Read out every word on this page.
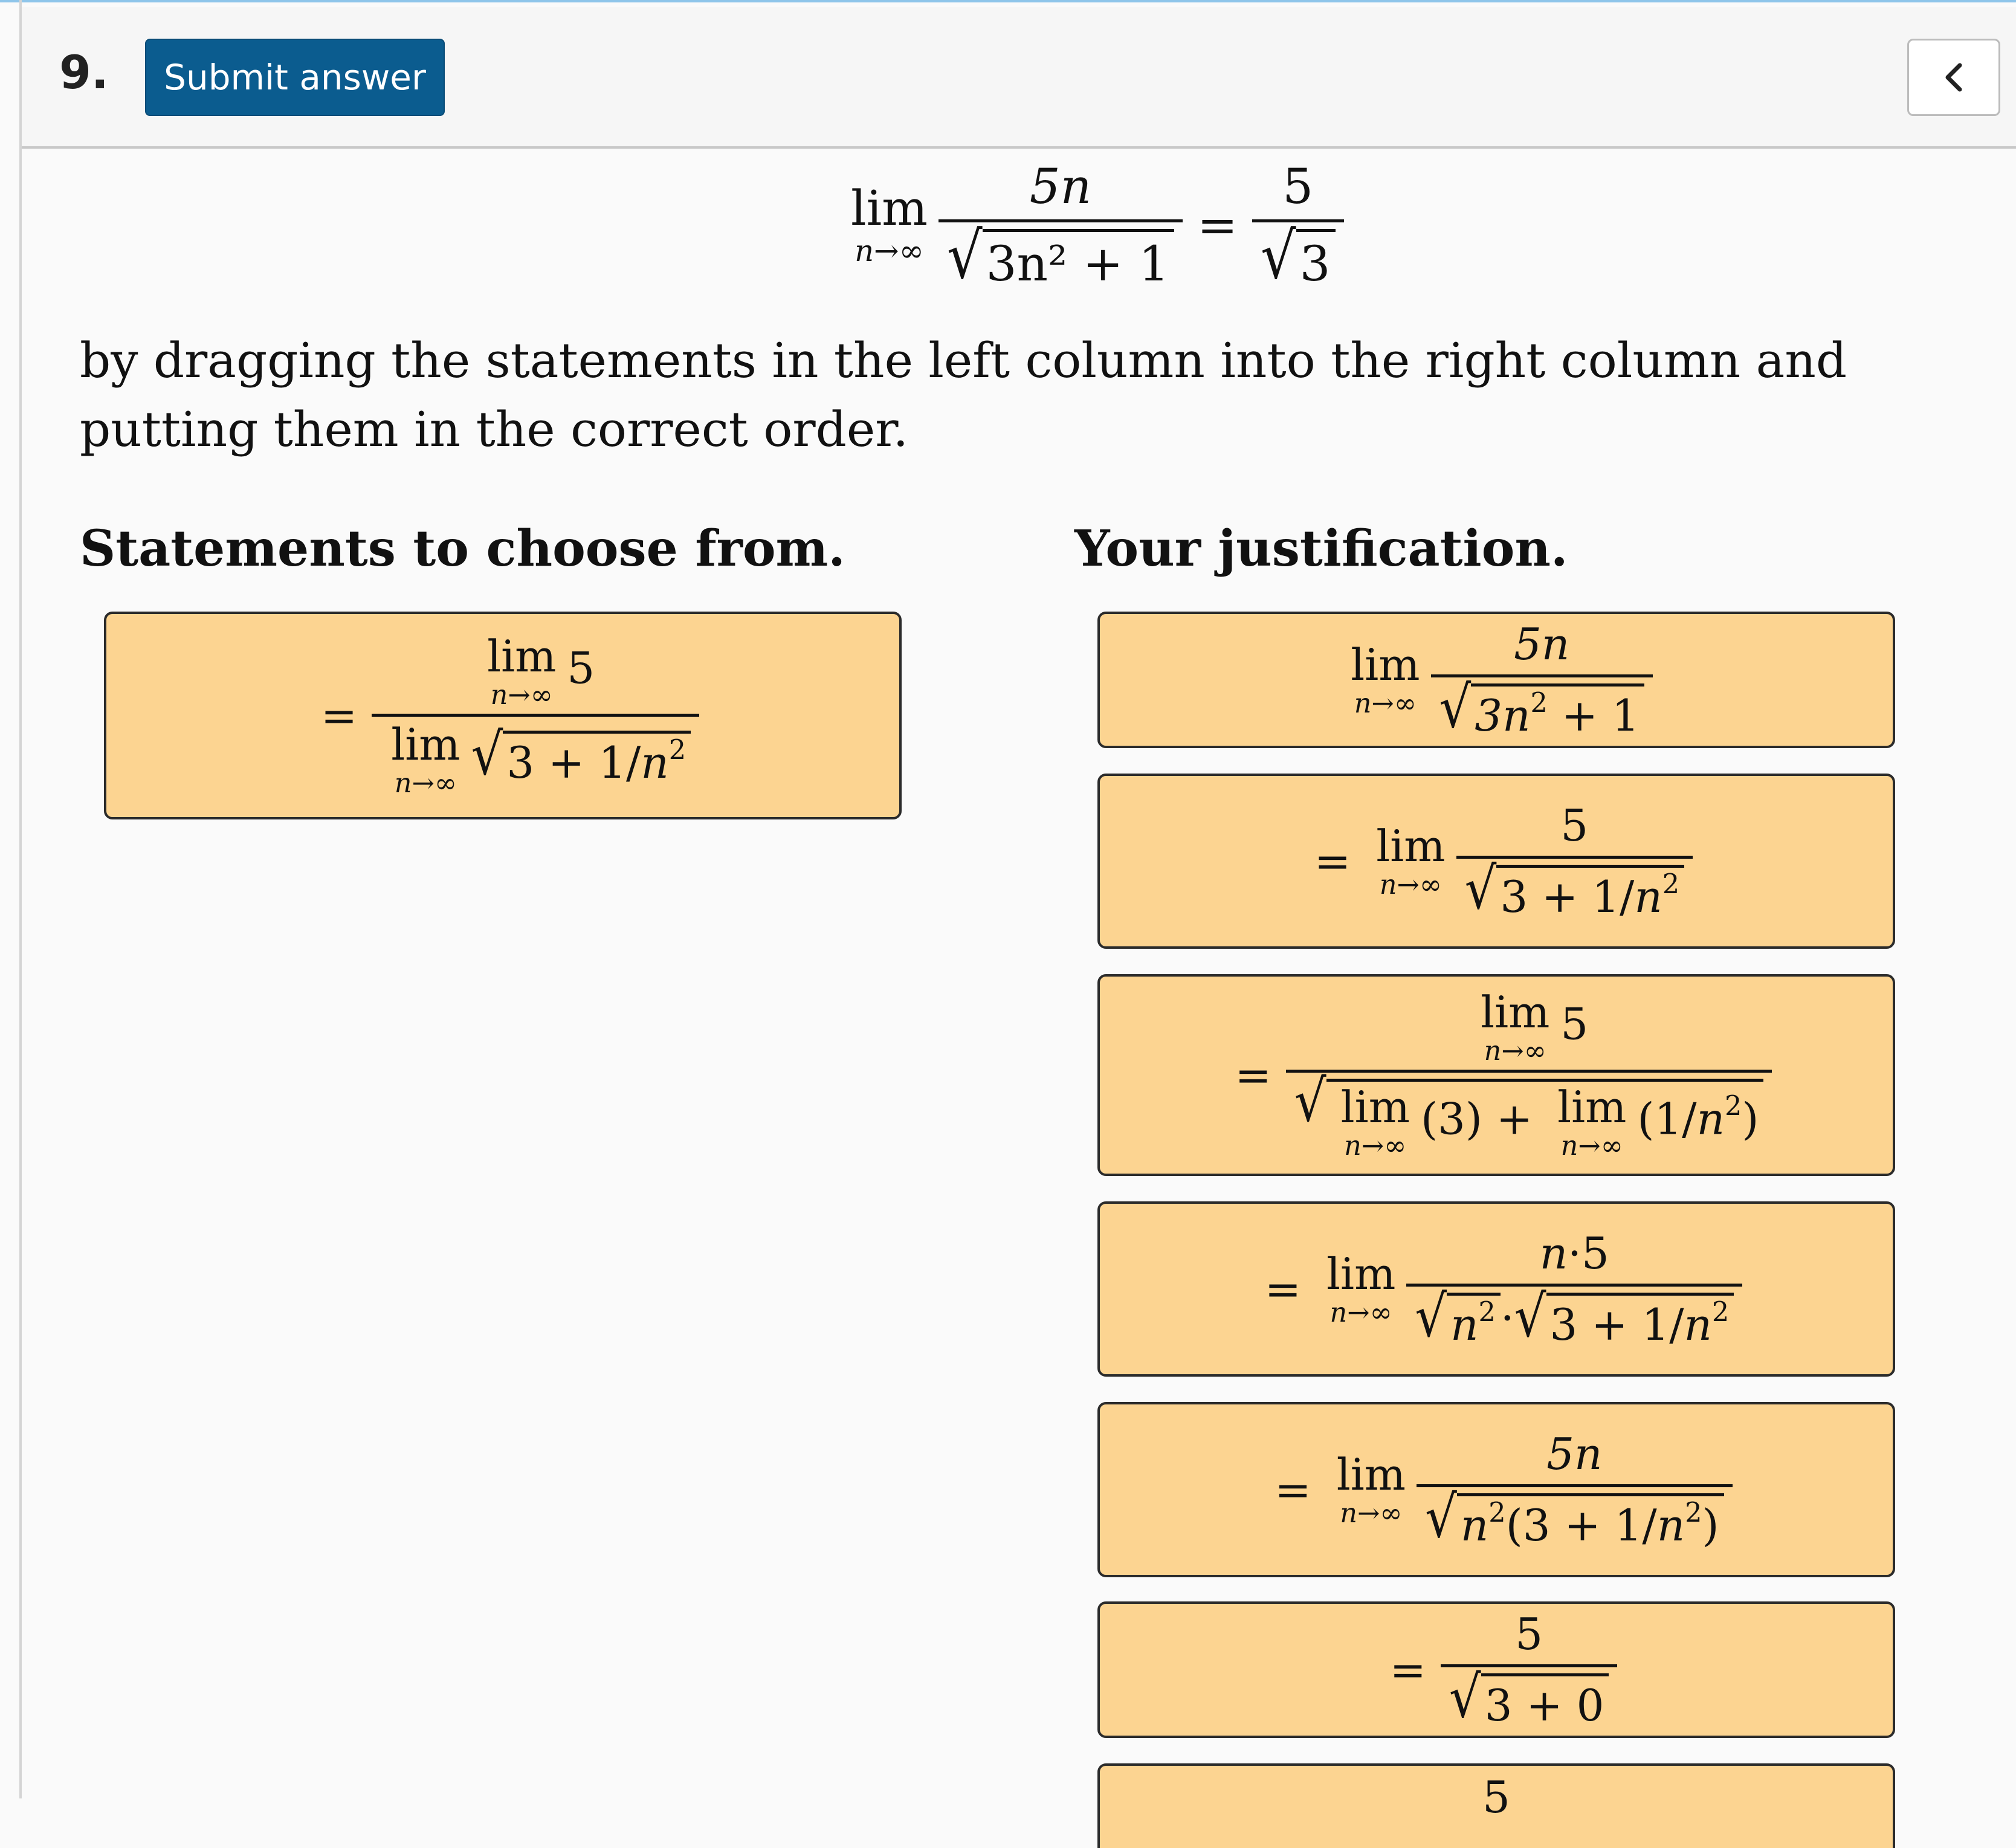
9.	Submit answer
lim
$n\to\infty \frac{5n}{\text{√ 3n² + 1}} = \frac{5}{√ 3}$
by dragging the statements in the left column into the right column and putting them in the correct order.
Statements to choose from.	Your justification.
= lim
n→∞
5
lim
n→∞ √ $3 + 1/n^2$	lim
$n\to\infty \frac{5n}{√ 3n^2 + 1}$
= lim
$n\to\infty \frac{5}{√ 3 + 1/n^2}$
= lim
n→∞
5
√ lim
n→∞
(3) + lim
n→∞
$(1/n^2)$
= lim
$n\to\infty \frac{n\cdot 5}{√ n^2 \cdot √ 3 + 1/n^2}$
= lim
$n\to\infty \frac{5n}{√ n^2(3 + 1/n^2)}$
= $\frac{5}{√ 3 + 0}$
5
